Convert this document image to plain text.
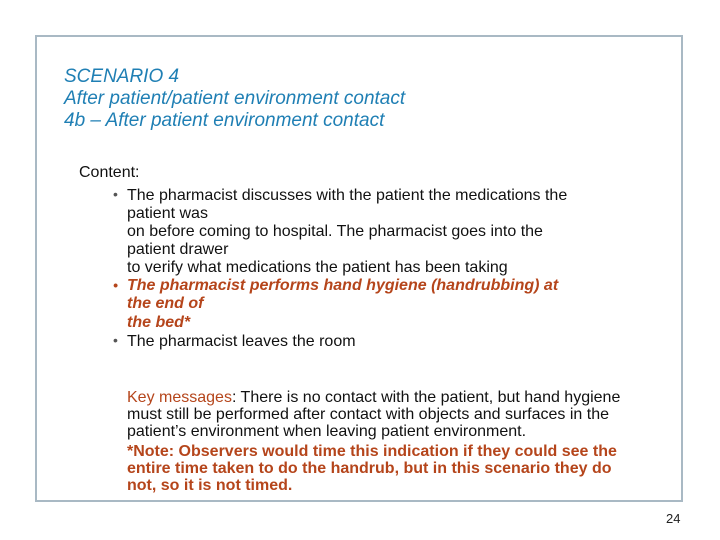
SCENARIO 4
After patient/patient environment contact
4b – After patient environment contact
Content:
• The pharmacist discusses with the patient the medications the
patient was
on before coming to hospital. The pharmacist goes into the
patient drawer
to verify what medications the patient has been taking
• The pharmacist performs hand hygiene (handrubbing) at
the end of
the bed*
• The pharmacist leaves the room
Key messages: There is no contact with the patient, but hand hygiene must still be performed after contact with objects and surfaces in the patient’s environment when leaving patient environment.
*Note: Observers would time this indication if they could see the entire time taken to do the handrub, but in this scenario they do not, so it is not timed.
24
